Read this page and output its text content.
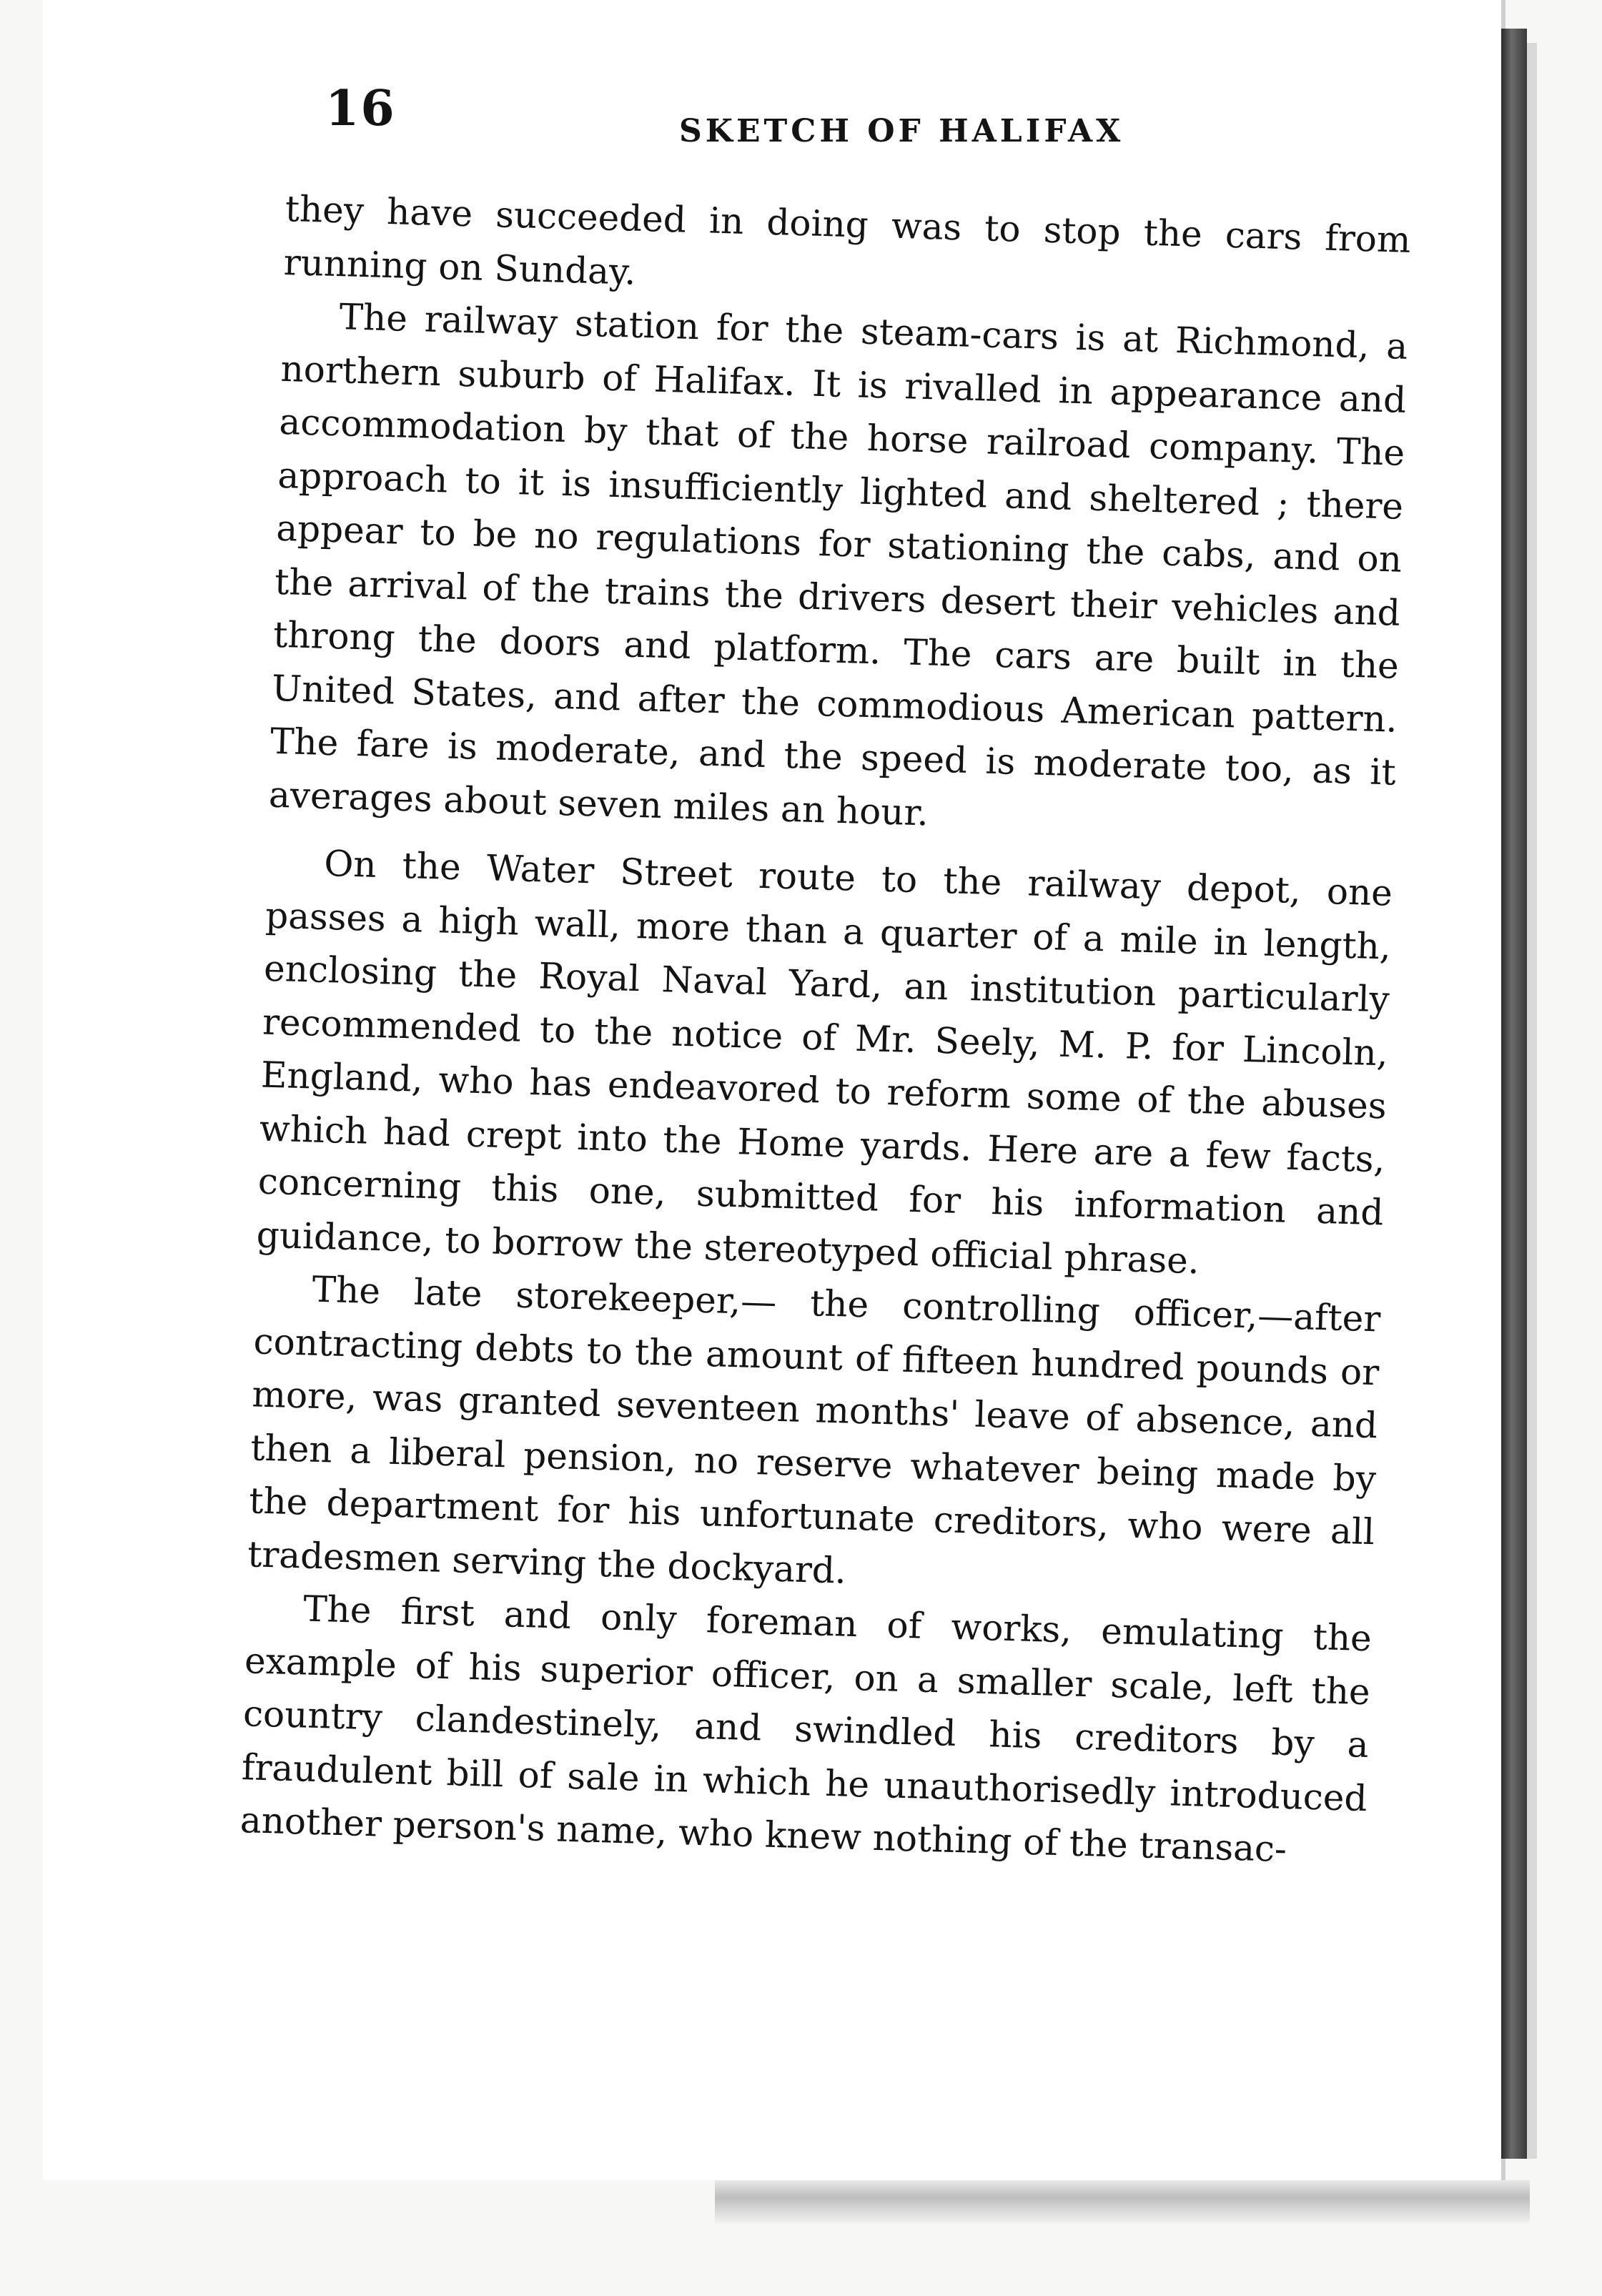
16	SKETCH OF HALIFAX

they have succeeded in doing was to stop the cars from running on Sunday.

The railway station for the steam-cars is at Richmond, a northern suburb of Halifax. It is rivalled in appearance and accommodation by that of the horse railroad company. The approach to it is insufficiently lighted and sheltered ; there appear to be no regulations for stationing the cabs, and on the arrival of the trains the drivers desert their vehicles and throng the doors and platform. The cars are built in the United States, and after the commodious American pattern. The fare is moderate, and the speed is moderate too, as it averages about seven miles an hour.

On the Water Street route to the railway depot, one passes a high wall, more than a quarter of a mile in length, enclosing the Royal Naval Yard, an institution particularly recommended to the notice of Mr. Seely, M. P. for Lincoln, England, who has endeavored to reform some of the abuses which had crept into the Home yards. Here are a few facts, concerning this one, submitted for his information and guidance, to borrow the stereotyped official phrase.

The late storekeeper,— the controlling officer,—after contracting debts to the amount of fifteen hundred pounds or more, was granted seventeen months' leave of absence, and then a liberal pension, no reserve whatever being made by the department for his unfortunate creditors, who were all tradesmen serving the dockyard.

The first and only foreman of works, emulating the example of his superior officer, on a smaller scale, left the country clandestinely, and swindled his creditors by a fraudulent bill of sale in which he unauthorisedly introduced another person's name, who knew nothing of the transac-
